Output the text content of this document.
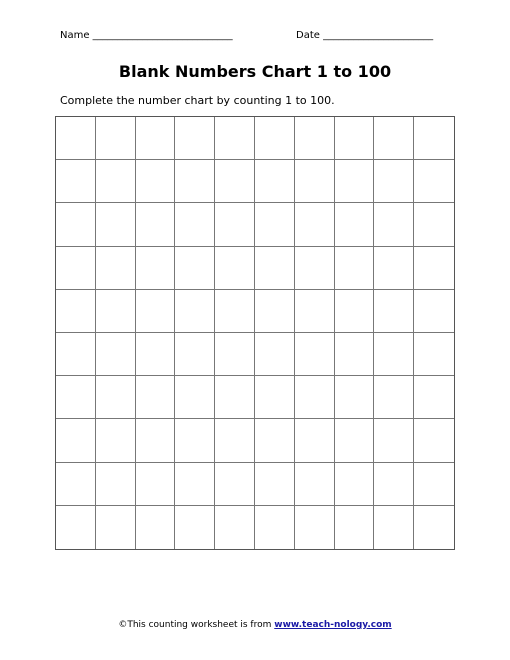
Name ____________________________	Date ______________________
Blank Numbers Chart 1 to 100
Complete the number chart by counting 1 to 100.
©This counting worksheet is from www.teach-nology.com
